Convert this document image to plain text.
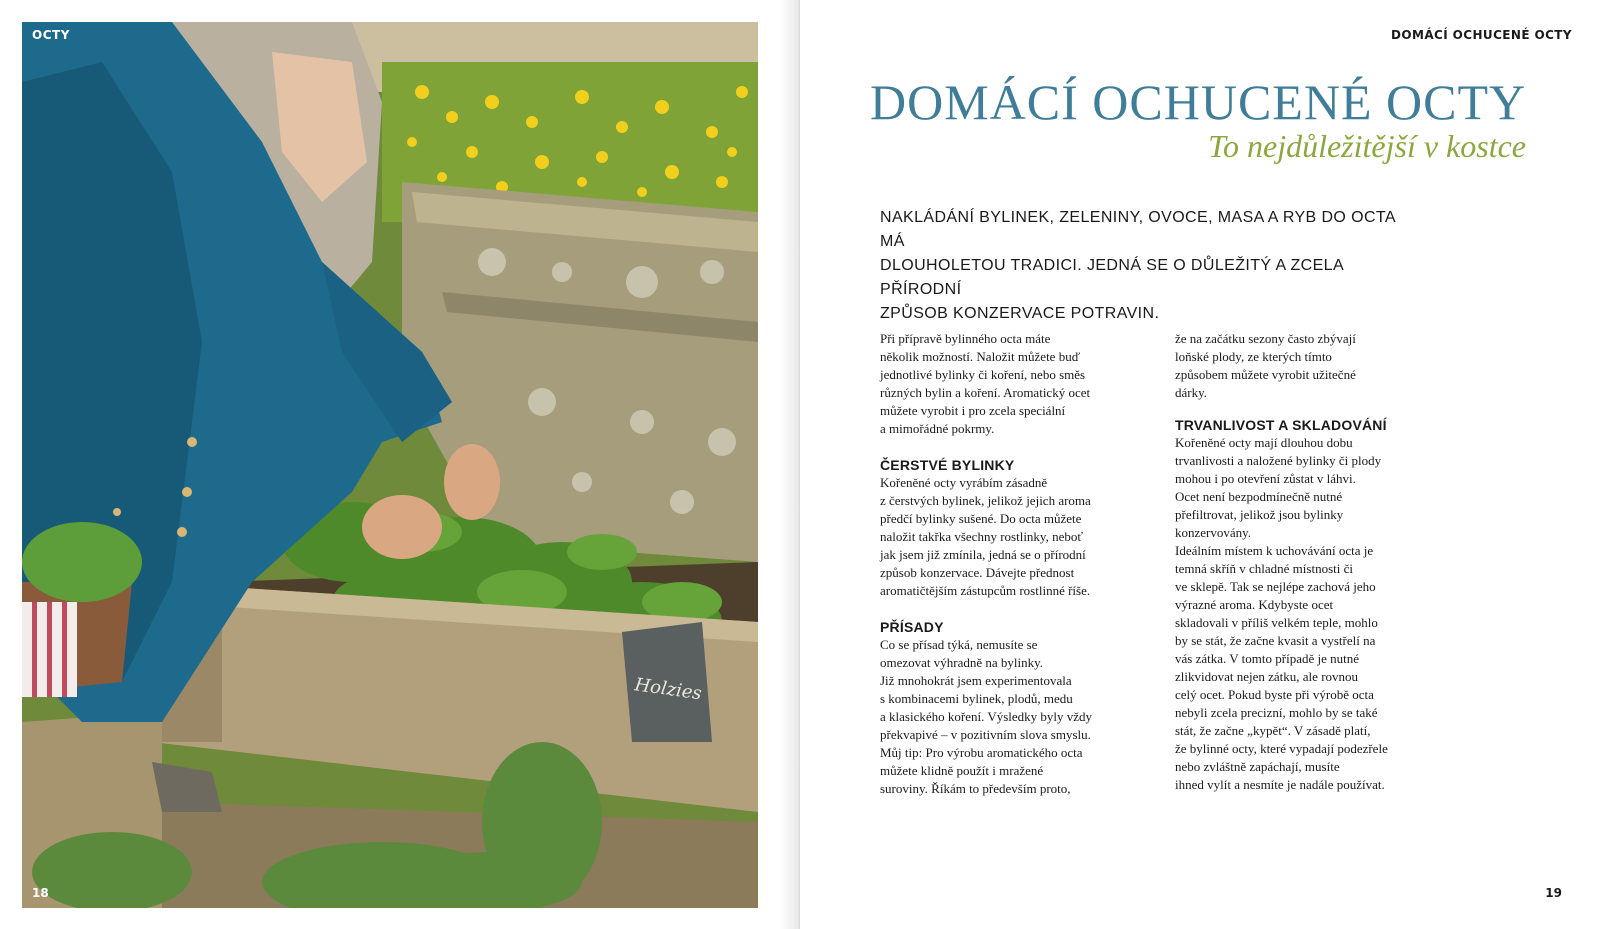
Holzies
OCTY
18
DOMÁCÍ OCHUCENÉ OCTY
DOMÁCÍ OCHUCENÉ OCTY
To nejdůležitější v kostce

NAKLÁDÁNÍ BYLINEK, ZELENINY, OVOCE, MASA A RYB DO OCTA MÁ

DLOUHOLETOU TRADICI. JEDNÁ SE O DŮLEŽITÝ A ZCELA PŘÍRODNÍ

ZPŮSOB KONZERVACE POTRAVIN.

Při přípravě bylinného octa máte

několik možností. Naložit můžete buď

jednotlivé bylinky či koření, nebo směs

různých bylin a koření. Aromatický ocet

můžete vyrobit i pro zcela speciální

a mimořádné pokrmy.

ČERSTVÉ BYLINKY

Kořeněné octy vyrábím zásadně

z čerstvých bylinek, jelikož jejich aroma

předčí bylinky sušené. Do octa můžete

naložit takřka všechny rostlinky, neboť

jak jsem již zmínila, jedná se o přírodní

způsob konzervace. Dávejte přednost

aromatičtějším zástupcům rostlinné říše.

PŘÍSADY

Co se přísad týká, nemusíte se

omezovat výhradně na bylinky.

Již mnohokrát jsem experimentovala

s kombinacemi bylinek, plodů, medu

a klasického koření. Výsledky byly vždy

překvapivé – v pozitivním slova smyslu.

Můj tip: Pro výrobu aromatického octa

můžete klidně použít i mražené

suroviny. Říkám to především proto,

že na začátku sezony často zbývají

loňské plody, ze kterých tímto

způsobem můžete vyrobit užitečné

dárky.

TRVANLIVOST A SKLADOVÁNÍ

Kořeněné octy mají dlouhou dobu

trvanlivosti a naložené bylinky či plody

mohou i po otevření zůstat v láhvi.

Ocet není bezpodmínečně nutné

přefiltrovat, jelikož jsou bylinky

konzervovány.

Ideálním místem k uchovávání octa je

temná skříň v chladné místnosti či

ve sklepě. Tak se nejlépe zachová jeho

výrazné aroma. Kdybyste ocet

skladovali v příliš velkém teple, mohlo

by se stát, že začne kvasit a vystřelí na

vás zátka. V tomto případě je nutné

zlikvidovat nejen zátku, ale rovnou

celý ocet. Pokud byste při výrobě octa

nebyli zcela precizní, mohlo by se také

stát, že začne „kypět“. V zásadě platí,

že bylinné octy, které vypadají podezřele

nebo zvláštně zapáchají, musíte

ihned vylít a nesmíte je nadále používat.

19
